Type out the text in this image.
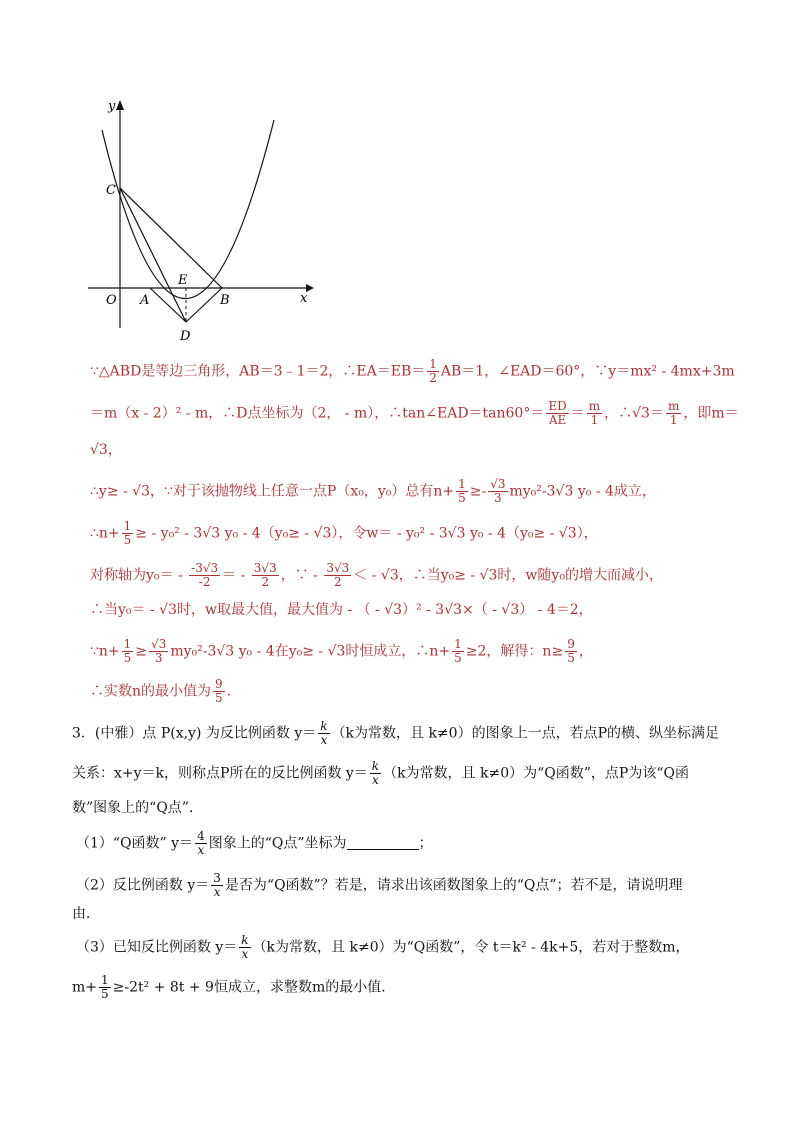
y
x
O A	B
C
D
E
∵△ABD是等边三角形，AB＝3﹣1＝2，∴EA＝EB＝ $\frac{1}{2} AB=1$，∠EAD＝60°，∵y＝mx² - 4mx+3m
＝m（x - 2）² - m，∴D点坐标为（2， - m），∴tan∠EAD＝tan60°＝ $\frac{ED}{AE} = \frac{m}{1}$ ，∴√3＝ $\frac{m}{1}$ ，即m＝
√3，
∴y≥ - √3，∵对于该抛物线上任意一点P（x₀，y₀）总有$n+ \frac{1}{5} \ge- \frac{√3}{3} my_0^2-3√3$ y₀ - 4成立，
∴n+ $\frac{1}{5}$ ≥ - y₀² - 3√3 y₀ - 4（y₀≥ - √3），令w＝ - y₀² - 3√3 y₀ - 4（y₀≥ - √3），
对称轴为$y_0= - \frac{-3√3}{-2}$ ＝ - $\frac{3√3}{2}$ ，∵ - $\frac{3√3}{2}$ ＜ - √3，∴当y₀≥ - √3时，w随y₀的增大而减小，
∴当y₀＝ - √3时，w取最大值，最大值为 - （ - √3）² - 3√3×（ - √3） - 4＝2，
∵n+ $\frac{1}{5} \ge \frac{√3}{3} my_0^2-3√3$ y₀ - 4在y₀≥ - √3时恒成立，∴n+ $\frac{1}{5} \ge 2$，解得：$n\ge \frac{9}{5}$ ，
∴实数n的最小值为 $\frac{9}{5}$ ．
3．(中雅）点 P(x,y) 为反比例函数 $y= \frac{k}{x} (k$为常数，且 k≠0）的图象上一点，若点P的横、纵坐标满足
关系：x+y＝k，则称点P所在的反比例函数 $y= \frac{k}{x} (k$为常数，且 k≠0）为“Q函数”，点P为该“Q函
数”图象上的“Q点”．
（1）“Q函数” $y= \frac{4}{x}$ 图象上的“Q点”坐标为	；
（2）反比例函数 $y= \frac{3}{x}$ 是否为“Q函数”？若是，请求出该函数图象上的“Q点”；若不是，请说明理
由．
（3）已知反比例函数 $y= \frac{k}{x} (k$为常数，且 k≠0）为“Q函数”，令 t＝k² - 4k+5，若对于整数m，
$m+ \frac{1}{5} \ge-2t^2 + 8t + 9$恒成立，求整数m的最小值．
